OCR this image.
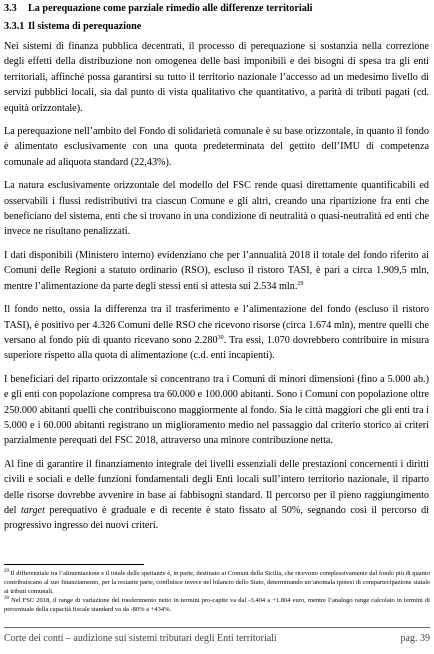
3.3 La perequazione come parziale rimedio alle differenze territoriali
3.3.1 Il sistema di perequazione

Nei sistemi di finanza pubblica decentrati, il processo di perequazione si sostanzia nella correzione degli effetti della distribuzione non omogenea delle basi imponibili e dei bisogni di spesa tra gli enti territoriali, affinché possa garantirsi su tutto il territorio nazionale l’accesso ad un medesimo livello di servizi pubblici locali, sia dal punto di vista qualitativo che quantitativo, a parità di tributi pagati (cd. equità orizzontale).

La perequazione nell’ambito del Fondo di solidarietà comunale è su base orizzontale, in quanto il fondo è alimentato esclusivamente con una quota predeterminata del gettito dell’IMU di competenza comunale ad aliquota standard (22,43%).

La natura esclusivamente orizzontale del modello del FSC rende quasi direttamente quantificabili ed osservabili i flussi redistributivi tra ciascun Comune e gli altri, creando una ripartizione fra enti che beneficiano del sistema, enti che si trovano in una condizione di neutralità o quasi-neutralità ed enti che invece ne risultano penalizzati.

I dati disponibili (Ministero interno) evidenziano che per l’annualità 2018 il totale del fondo riferito ai Comuni delle Regioni a statuto ordinario (RSO), escluso il ristoro TASI, è pari a circa 1.909,5 mln, mentre l’alimentazione da parte degli stessi enti si attesta sui 2.534 mln.$^{29}$

Il fondo netto, ossia la differenza tra il trasferimento e l’alimentazione del fondo (escluso il ristoro TASI), è positivo per 4.326 Comuni delle RSO che ricevono risorse (circa 1.674 mln), mentre quelli che versano al fondo più di quanto ricevano sono 2.280$^{30}$. Tra essi, 1.070 dovrebbero contribuire in misura superiore rispetto alla quota di alimentazione (c.d. enti incapienti).

I beneficiari del riparto orizzontale si concentrano tra i Comuni di minori dimensioni (fino a 5.000 ab.) e gli enti con popolazione compresa tra 60.000 e 100.000 abitanti. Sono i Comuni con popolazione oltre 250.000 abitanti quelli che contribuiscono maggiormente al fondo. Sia le città maggiori che gli enti tra i 5.000 e i 60.000 abitanti registrano un miglioramento medio nel passaggio dal criterio storico ai criteri parzialmente perequati del FSC 2018, attraverso una minore contribuzione netta.

Al fine di garantire il finanziamento integrale dei livelli essenziali delle prestazioni concernenti i diritti civili e sociali e delle funzioni fondamentali degli Enti locali sull’intero territorio nazionale, il riparto delle risorse dovrebbe avvenire in base ai fabbisogni standard. Il percorso per il pieno raggiungimento del target perequativo è graduale e di recente è stato fissato al 50%, segnando così il percorso di progressivo ingresso dei nuovi criteri.

$^{29}$ Il differenziale tra l’alimentazione e il totale delle spettanze è, in parte, destinato ai Comuni della Sicilia, che ricevono complessivamente dal fondo più di quanto contribuiscano al suo finanziamento, per la restante parte, confluisce invece nel bilancio dello Stato, determinando un’anomala ipotesi di compartecipazione statale ai tributi comunali.

$^{30}$ Nel FSC 2018, il range di variazione del trasferimento netto in termini pro-capite va dal -3.404 a +1.804 euro, mentre l’analogo range calcolato in termini di percentuale della capacità fiscale standard va da -80% a +434%.

Corte dei conti – audizione sui sistemi tributari degli Enti territoriali	pag. 39
